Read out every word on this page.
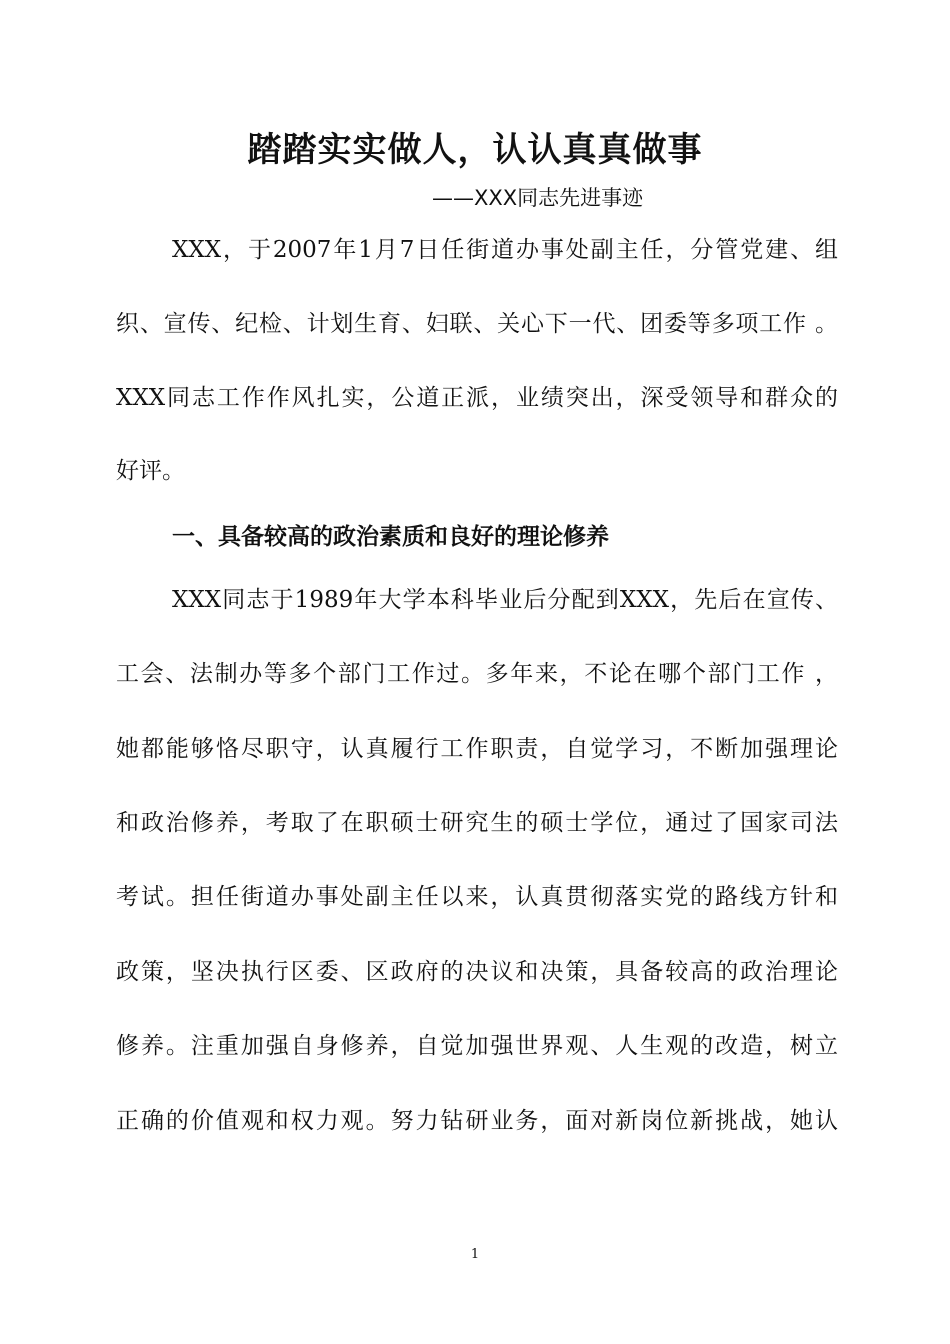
踏踏实实做人，认认真真做事
——XXX同志先进事迹
XXX，于2007年1月7日任街道办事处副主任，分管党建、组
织、宣传、纪检、计划生育、妇联、关心下一代、团委等多项工作 。
XXX同志工作作风扎实，公道正派，业绩突出，深受领导和群众的
好评。
一、具备较高的政治素质和良好的理论修养
XXX同志于1989年大学本科毕业后分配到XXX，先后在宣传、
工会、法制办等多个部门工作过。多年来，不论在哪个部门工作 ，
她都能够恪尽职守，认真履行工作职责，自觉学习，不断加强理论
和政治修养，考取了在职硕士研究生的硕士学位，通过了国家司法
考试。担任街道办事处副主任以来，认真贯彻落实党的路线方针和
政策，坚决执行区委、区政府的决议和决策，具备较高的政治理论
修养。注重加强自身修养，自觉加强世界观、人生观的改造，树立
正确的价值观和权力观。努力钻研业务，面对新岗位新挑战，她认
1
